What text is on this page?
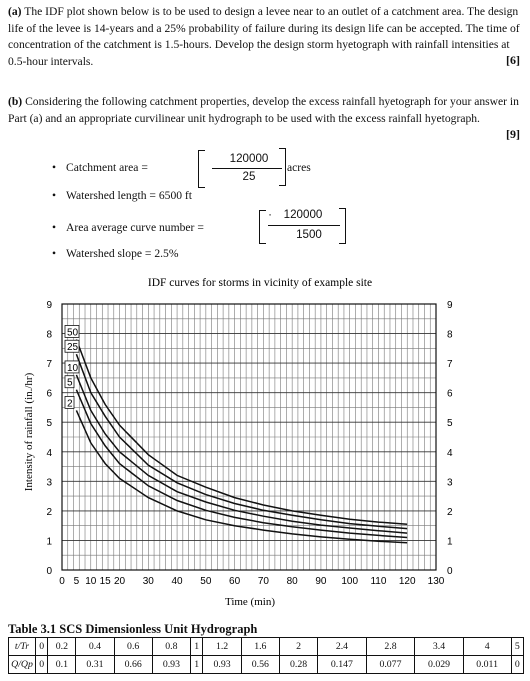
(a) The IDF plot shown below is to be used to design a levee near to an outlet of a catchment area. The design life of the levee is 14-years and a 25% probability of failure during its design life can be accepted. The time of concentration of the catchment is 1.5-hours. Develop the design storm hyetograph with rainfall intensities at 0.5-hour intervals.	[6]
(b) Considering the following catchment properties, develop the excess rainfall hyetograph for your answer in Part (a) and an appropriate curvilinear unit hydrograph to be used with the excess rainfall hyetograph.
[9]
• Catchment area =
120000
25
acres
• Watershed length = 6500 ft
• Area average curve number =
·	120000
1500
• Watershed slope = 2.5%
IDF curves for storms in vicinity of example site
Time (min)
Intensity of rainfall (in./hr)
0 5 10 15 20 30 40 50 60 70 80 90 100 110 120 130
0	0
1	1
2	2
3	3
4	4
5	5
6	6
7	7
8	8
9	9
50
25
10
5
2
Table 3.1 SCS Dimensionless Unit Hydrograph
t/Tr	0	0.2	0.4	0.6	0.8	1	1.2	1.6	2	2.4	2.8	3.4	4	5
Q/Qp	0	0.1	0.31	0.66	0.93	1	0.93	0.56	0.28	0.147	0.077	0.029	0.011	0
